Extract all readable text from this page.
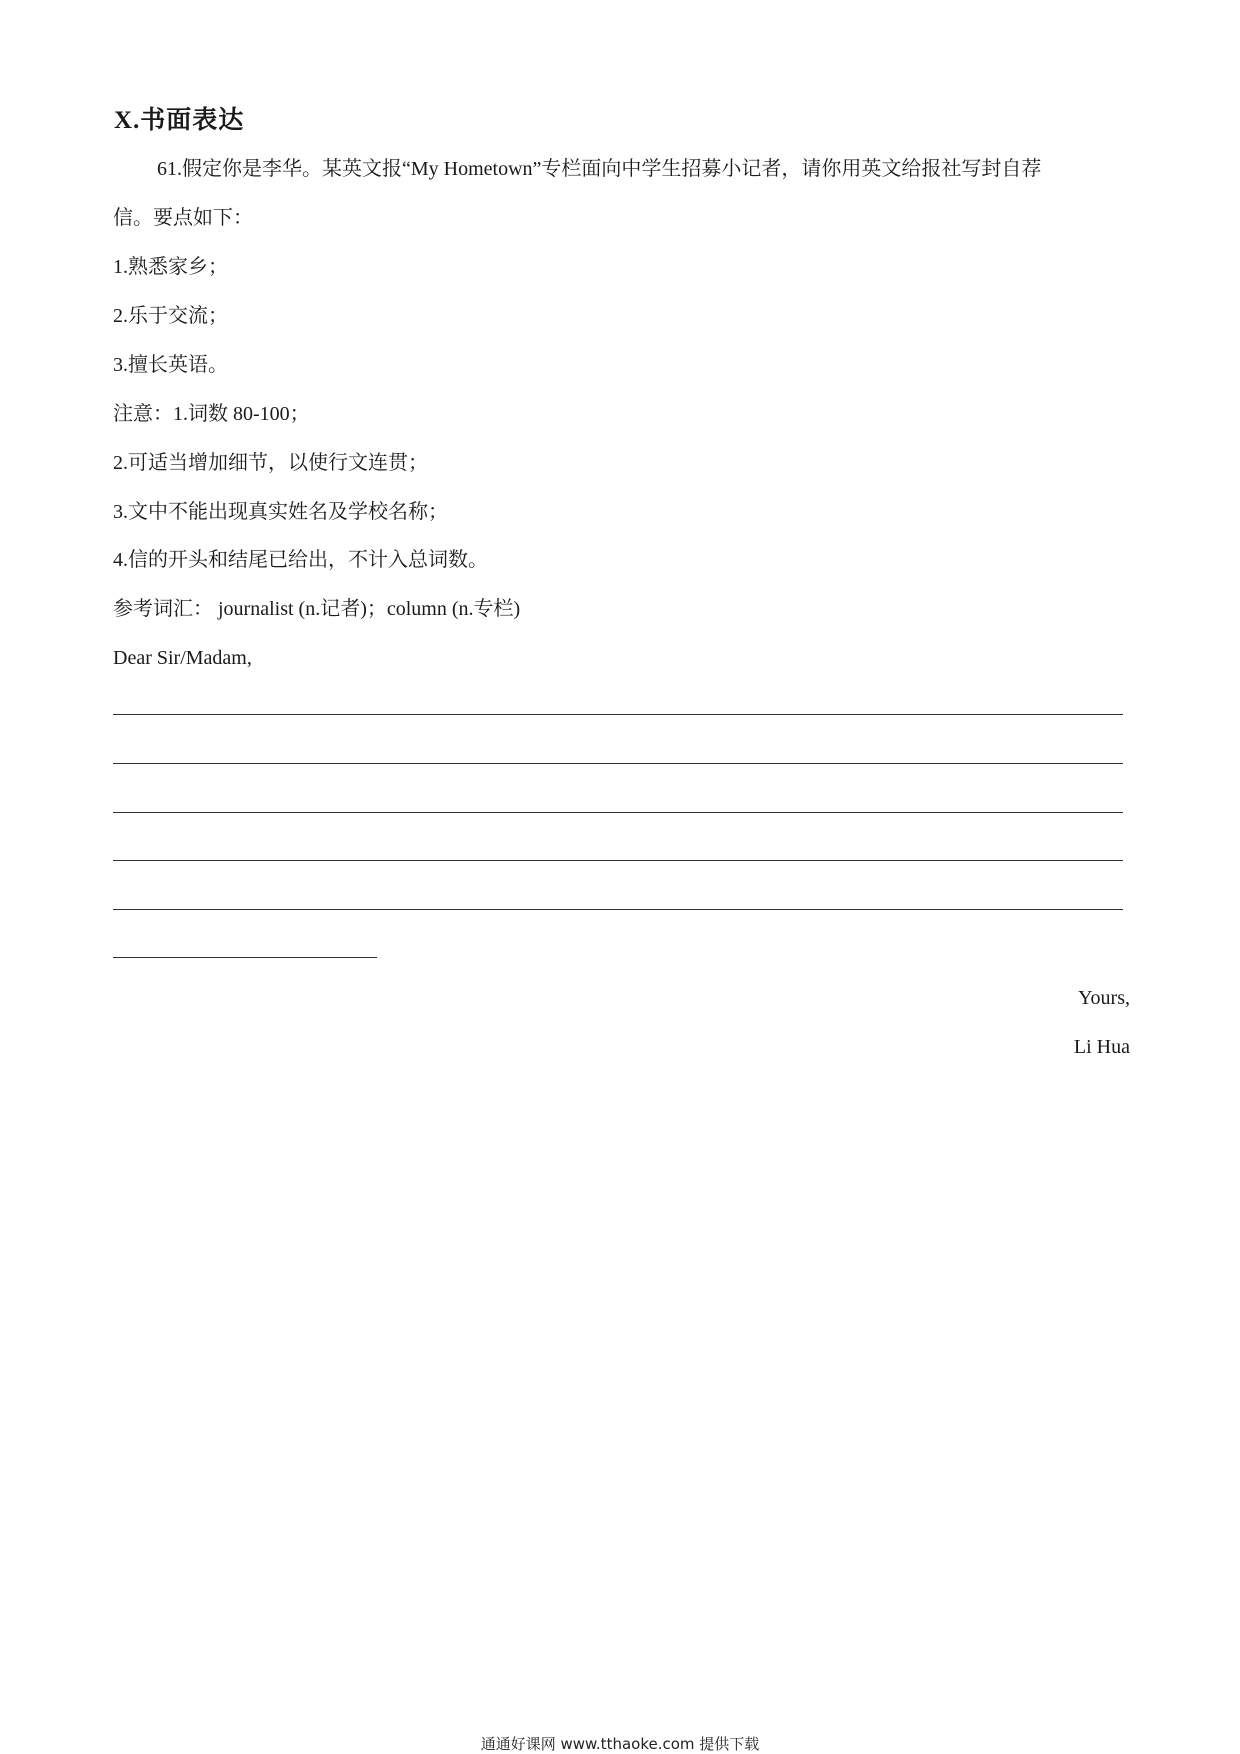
X.书面表达
61.假定你是李华。某英文报“My Hometown”专栏面向中学生招募小记者，请你用英文给报社写封自荐
信。要点如下：
1.熟悉家乡；
2.乐于交流；
3.擅长英语。
注意：1.词数 80-100；
2.可适当增加细节，以使行文连贯；
3.文中不能出现真实姓名及学校名称；
4.信的开头和结尾已给出，不计入总词数。
参考词汇： journalist (n.记者)；column (n.专栏)
Dear Sir/Madam,
Yours,
Li Hua
通通好课网 www.tthaoke.com 提供下载
